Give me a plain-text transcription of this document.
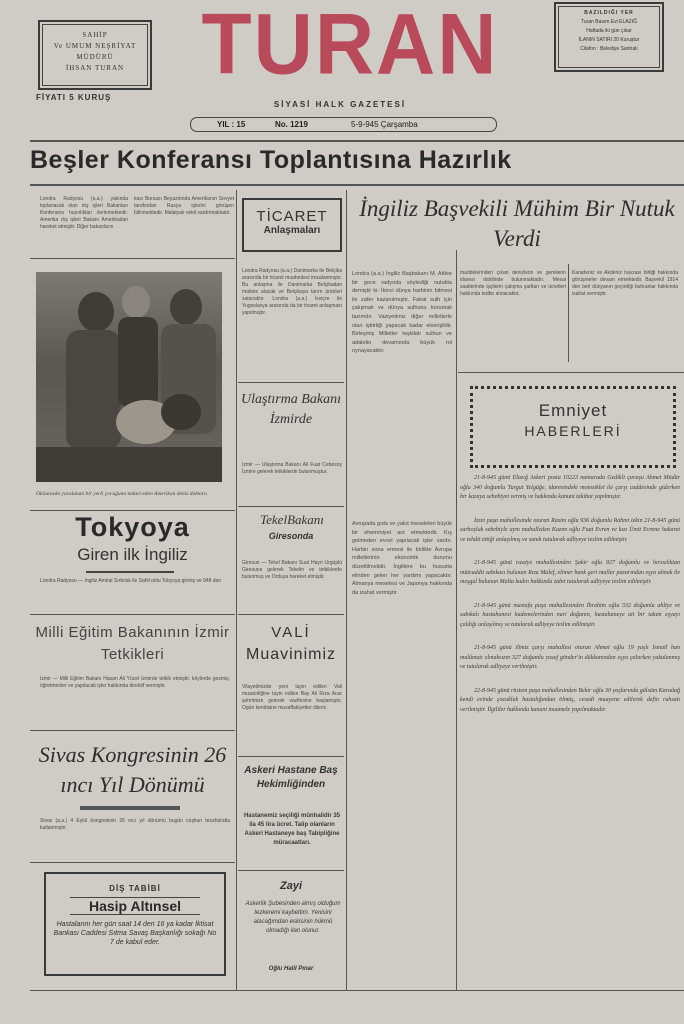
SAHİP
Ve UMUM NEŞRİYAT
MÜDÜRÜ
İHSAN TURAN
FİYATI 5 KURUŞ
TURAN	BAZILDIĞI YER
Turan Basım Evi ELAZIĞ
Haftada iki gün çıkar
İLANIN SATIRI 20 Kuruştur
Cilafon : Belediye Santralı
SİYASİ HALK GAZETESİ
YIL : 15	No. 1219	5-9-945 Çarşamba
Beşler Konferansı Toplantısına Hazırlık
Londra Radyosu (a.a.) yakında toplanacak olan dış işleri Bakanları Konferansı hazırlıkları ilerlemektedir. Amerika dış işleri Bakanı Amerikadan hareket etmiştir. Diğer bakanların
kası Borsası Beyazıtında Amerikanın Sovyet tarafından Rusya işlerini görüşen bilinmektedir. Malatyalı vekil vardırmaktadır.
Okinavada yaralanan bir yerli çocuğuna tedavi eden Amerikan deniz doktoru
Tokyoya
Giren ilk İngiliz
Londra Radyosu — İngiliz Amiral Sırbrisk ile Sahil oldu Tokyoya girmiş ve 948 dan
Milli Eğitim Bakanının İzmir Tetkikleri
İzmir — Milli Eğitim Bakanı Hasan Ali Yücel İzmirde tetkik etmiştir, köylerde gezmiş, öğretmenler ve yapılacak işler hakkında direktif vermiştir.
Sivas Kongresinin 26 ıncı Yıl Dönümü
Sivas (a.a.) 4 Eylül kongresinin 26 ıncı yıl dönümü bugün coşkun tezahüratla kutlanmıştır.
DİŞ TABİBİ
Hasip Altınsel
Hastalarını her gün saat 14 den 16 ya kadar İktisat Bankası Caddesi Sıtma Savaş Başkanlığı sokağı No 7 de kabul eder.
TİCARET
Anlaşmaları
Londra Radyosu (a.a.) Danimarka ile Belçika arasında bir ticaret muahedesi imzalanmıştır. Bu anlaşma ile Danimarka Belçikadan makine alacak ve Belçikaya tarım ürünleri satacaktır. Londra (a.a.) İsviçre ile Yugoslavya arasında da bir ticaret anlaşması yapılmıştır.
Ulaştırma Bakanı İzmirde
İzmir — Ulaştırma Bakanı Ali Fuat Cebesoy İzmire gelerek tetkiklerde bulunmuştur.
TekelBakanı
Giresonda
Giresun — Tekel Bakanı Suat Hayri Ürgüplü Giresuna gelerek Tekelin ve tetkiklerde bulunmuş ve Orduya hareket etmiştir.
VALİ
Muavinimiz
Vilayetimizde yeni tayin edilen Vali muavinliğine tayin edilen Bay Ali Rıza Acar şehrimize gelerek vazifesine başlamıştır. Ogün kendisine muvaffakiyetler dileriz.
Askeri Hastane Baş Hekimliğinden
Hastanemiz seçiliği münhalidir 35 ila 45 lira ücret. Talip olanların Askeri Hastaneye baş Tabipliğine müracaatları.
Zayi
Askerlik Şubesinden almış olduğum tezkeremi kaybettim. Yenisini alacağımdan eskisinin hükmü olmadığı ilan olunur.
Oğlu Halil Pınar
İngiliz Başvekili Mühim Bir Nutuk Verdi
Londra (a.a.) İngiliz Başbakanı M. Attlee bir gece radyoda söylediği nutukta demiştir ki: İkinci dünya harbinin bitmesi ile zafer kazanılmıştır. Fakat sulh için çalışmak ve dünya sulhunu korumak lazımdır. Vaziyetimiz diğer milletlerle olan işbirliği yapacak kadar elverişlidir. Birleşmiş Milletler teşkilatı sulhun ve adaletin devamında büyük rol oynayacaktır.
Avrupada gıda ve yakıt meseleleri büyük bir ehemmiyet arz etmektedir. Kış gelmeden evvel yapılacak işler vardır. Harbin sona ermesi ile birlikte Avrupa milletlerinin ekonomik durumu düzeltilmelidir. İngiltere bu hususta elinden gelen her yardımı yapacaktır. Almanya meselesi ve Japonya hakkında da izahat vermiştir.
maddelerinden çıkan denizlerin ve gemilerin idaresi dahilinde bulunmaktadır. Mesai saatlerinde işçilerin çalışma şartları ve ücretleri hakkında tedbir alınacaktır.
Karadeniz ve Akdeniz havzası birliği hakkında görüşmeler devam etmektedir. Başvekil 1914 den beri dünyanın geçirdiği buhranlar hakkında izahat vermiştir.
Emniyet
HABERLERİ

21-8-945 günü Elazığ Askeri posta 10223 numarada Gedikli çavuşu Ahmet Müdür oğlu 340 doğumlu Turgut Yelgüğe, idaresindeki motosiklet ile çarşı caddesinde giderken bir kazaya sebebiyet vermiş ve hakkında kanuni takibat yapılmıştır.

İzzet paşa mahallesinde oturan Rasim oğlu 936 doğumlu Rahmi tekin 21-8-945 günü sarhoşluk sebebiyle aynı mahalleden Kazım oğlu Fuat Evren ve kızı Ümit Evrene hakaret ve tehdit ettiği anlaşılmış ve sanık tutularak adliyeye teslim edilmiştir.

21-8-945 günü rızaiye mahallesinden Şakir oğlu 927 doğumlu ve hırsızlıktan mütcaddit sabıkası bulunan Rıza Malef, elimer bank geri mallar pazarından eşya almak ile meşgul bulunan Malta kadın hakkında zabıt tutularak adliyeye teslim edilmiştir.

21-8-945 günü mustafa paşa mahallesinden İbrahim oğlu 332 doğumlu ahliye ve sabıkalı hastahanesi hademelerinden nuri doğanın, hastahaneye ait bir takım eşyayı çaldığı anlaşılmış ve tutularak adliyeye teslim edilmiştir.

21-8-945 günü ilimiz çarşı mahallesi oturan Ahmet oğlu 19 yaşlı İsmail han malûmatı olmaksızın 327 doğumlu yusuf gönder'in dükkanından eşya çalarken yakalanmış ve tutularak adliyeye verilmiştir.

22-8-945 günü rüstem paşa mahallesinden Bekir oğlu 30 yaşlarında gülsüm Karadağ kendi evinde çocukluk hastalığından ölmüş, cesedi muayene edilerek defin ruhsatı verilmiştir. İlgililer hakkında kanuni muamele yapılmaktadır.
